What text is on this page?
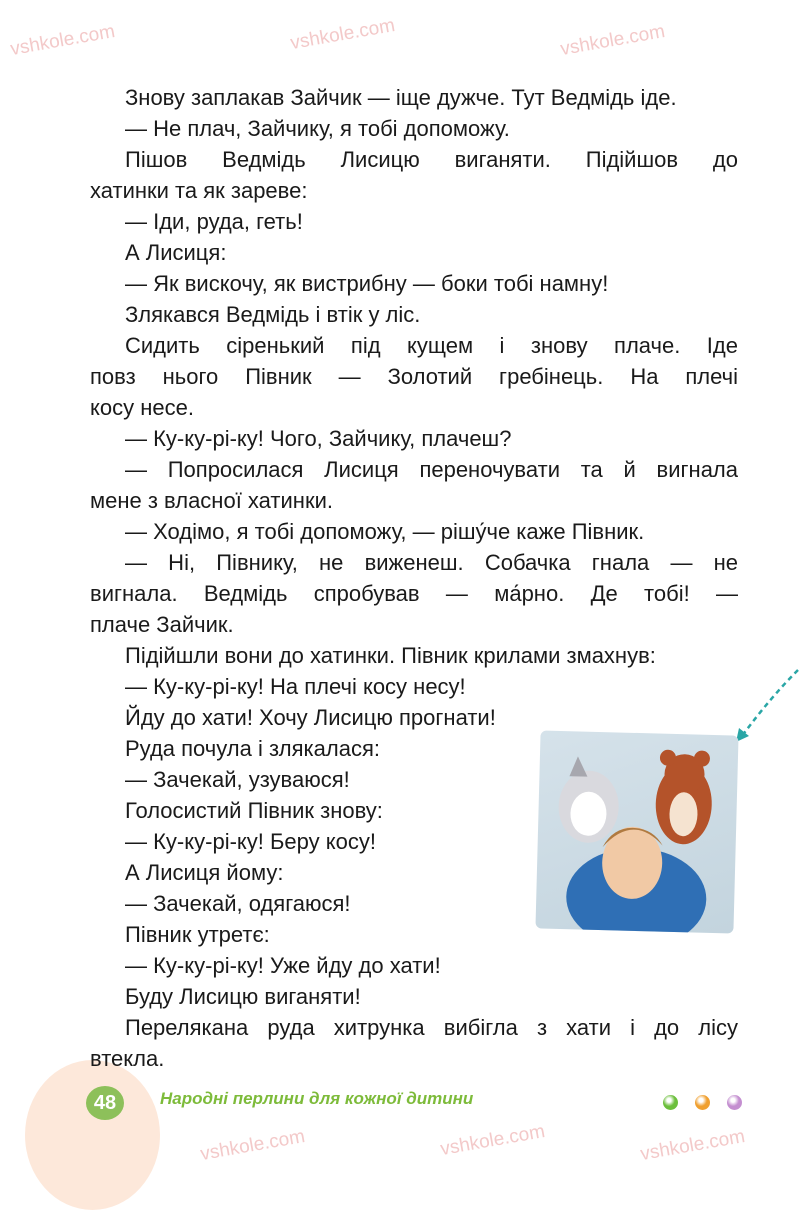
vshkole.com	vshkole.com	vshkole.com
vshkole.com	vshkole.com	vshkole.com
Знову заплакав Зайчик — іще дужче. Тут Ведмідь іде.
— Не плач, Зайчику, я тобі допоможу.
Пішов Ведмідь Лисицю виганяти. Підійшов до
хатинки та як зареве:
— Іди, руда, геть!
А Лисиця:
— Як вискочу, як вистрибну — боки тобі намну!
Злякався Ведмідь і втік у ліс.
Сидить сіренький під кущем і знову плаче. Іде
повз нього Півник — Золотий гребінець. На плечі
косу несе.
— Ку-ку-рі-ку! Чого, Зайчику, плачеш?
— Попросилася Лисиця переночувати та й вигнала
мене з власної хатинки.
— Ходімо, я тобі допоможу, — рішу́че каже Півник.
— Ні, Півнику, не виженеш. Собачка гнала — не
вигнала. Ведмідь спробував — ма́рно. Де тобі! —
плаче Зайчик.
Підійшли вони до хатинки. Півник крилами змахнув:
— Ку-ку-рі-ку! На плечі косу несу!
Йду до хати! Хочу Лисицю прогнати!
Руда почула і злякалася:
— Зачекай, узуваюся!
Голосистий Півник знову:
— Ку-ку-рі-ку! Беру косу!
А Лисиця йому:
— Зачекай, одягаюся!
Півник утретє:
— Ку-ку-рі-ку! Уже йду до хати!
Буду Лисицю виганяти!
Перелякана руда хитрунка вибігла з хати і до лісу
втекла.
48	Народні перлини для кожної дитини
